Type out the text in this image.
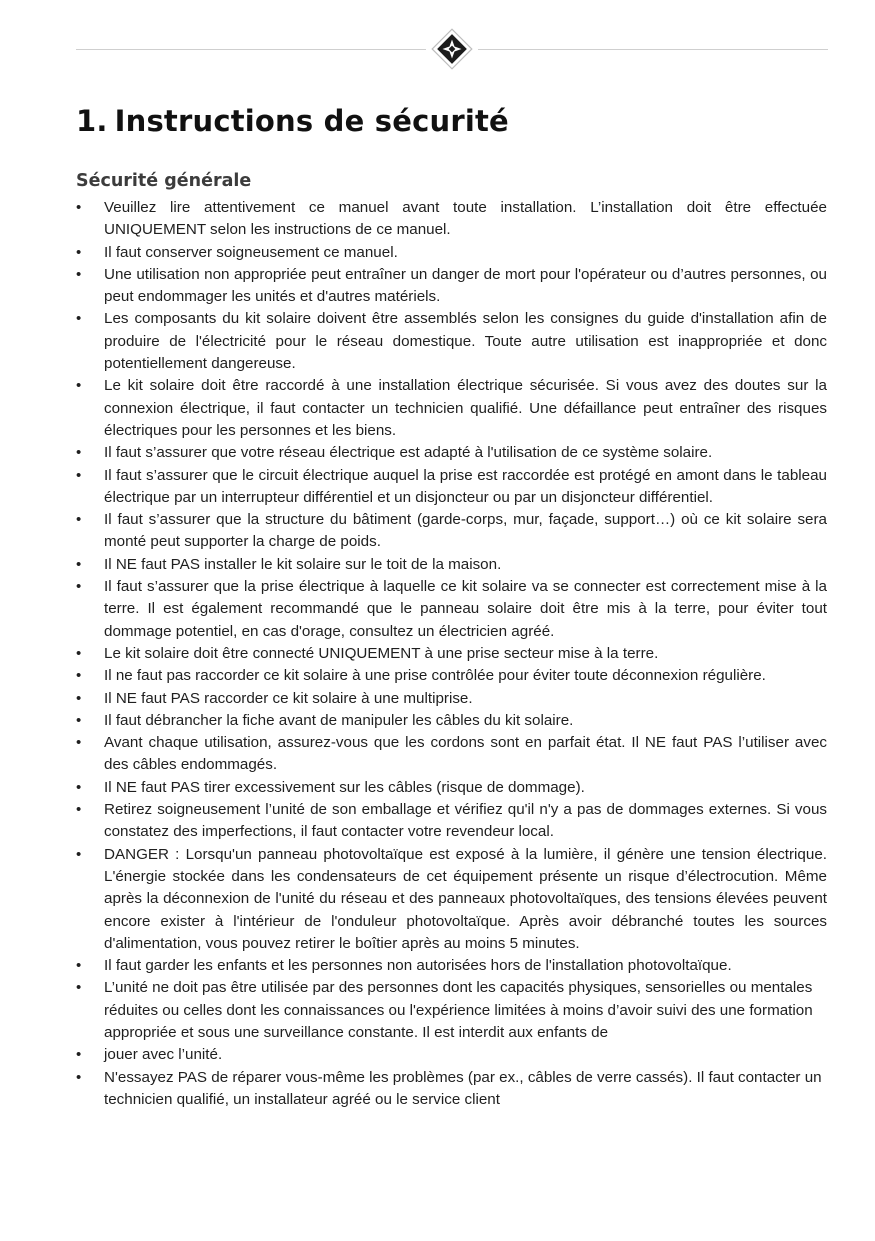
1. Instructions de sécurité
Sécurité générale
• Veuillez lire attentivement ce manuel avant toute installation. L’installation doit être effectuée UNIQUEMENT selon les instructions de ce manuel.
• Il faut conserver soigneusement ce manuel.
• Une utilisation non appropriée peut entraîner un danger de mort pour l'opérateur ou d’autres personnes, ou peut endommager les unités et d'autres matériels.
• Les composants du kit solaire doivent être assemblés selon les consignes du guide d'installation afin de produire de l'électricité pour le réseau domestique. Toute autre utilisation est inappropriée et donc potentiellement dangereuse.
• Le kit solaire doit être raccordé à une installation électrique sécurisée. Si vous avez des doutes sur la connexion électrique, il faut contacter un technicien qualifié. Une défaillance peut entraîner des risques électriques pour les personnes et les biens.
• Il faut s’assurer que votre réseau électrique est adapté à l'utilisation de ce système solaire.
• Il faut s’assurer que le circuit électrique auquel la prise est raccordée est protégé en amont dans le tableau électrique par un interrupteur différentiel et un disjoncteur ou par un disjoncteur différentiel.
• Il faut s’assurer que la structure du bâtiment (garde-corps, mur, façade, support…) où ce kit solaire sera monté peut supporter la charge de poids.
• Il NE faut PAS installer le kit solaire sur le toit de la maison.
• Il faut s’assurer que la prise électrique à laquelle ce kit solaire va se connecter est correctement mise à la terre. Il est également recommandé que le panneau solaire doit être mis à la terre, pour éviter tout dommage potentiel, en cas d'orage, consultez un électricien agréé.
• Le kit solaire doit être connecté UNIQUEMENT à une prise secteur mise à la terre.
• Il ne faut pas raccorder ce kit solaire à une prise contrôlée pour éviter toute déconnexion régulière.
• Il NE faut PAS raccorder ce kit solaire à une multiprise.
• Il faut débrancher la fiche avant de manipuler les câbles du kit solaire.
• Avant chaque utilisation, assurez-vous que les cordons sont en parfait état. Il NE faut PAS l’utiliser avec des câbles endommagés.
• Il NE faut PAS tirer excessivement sur les câbles (risque de dommage).
• Retirez soigneusement l’unité de son emballage et vérifiez qu'il n'y a pas de dommages externes. Si vous constatez des imperfections, il faut contacter votre revendeur local.
• DANGER : Lorsqu'un panneau photovoltaïque est exposé à la lumière, il génère une tension électrique. L'énergie stockée dans les condensateurs de cet équipement présente un risque d’électrocution. Même après la déconnexion de l'unité du réseau et des panneaux photovoltaïques, des tensions élevées peuvent encore exister à l'intérieur de l'onduleur photovoltaïque. Après avoir débranché toutes les sources d'alimentation, vous pouvez retirer le boîtier après au moins 5 minutes.
• Il faut garder les enfants et les personnes non autorisées hors de l'installation photovoltaïque.
• L’unité ne doit pas être utilisée par des personnes dont les capacités physiques, sensorielles ou mentales réduites ou celles dont les connaissances ou l'expérience limitées à moins d’avoir suivi des une formation appropriée et sous une surveillance constante. Il est interdit aux enfants de
• jouer avec l’unité.
• N'essayez PAS de réparer vous-même les problèmes (par ex., câbles de verre cassés). Il faut contacter un technicien qualifié, un installateur agréé ou le service client
